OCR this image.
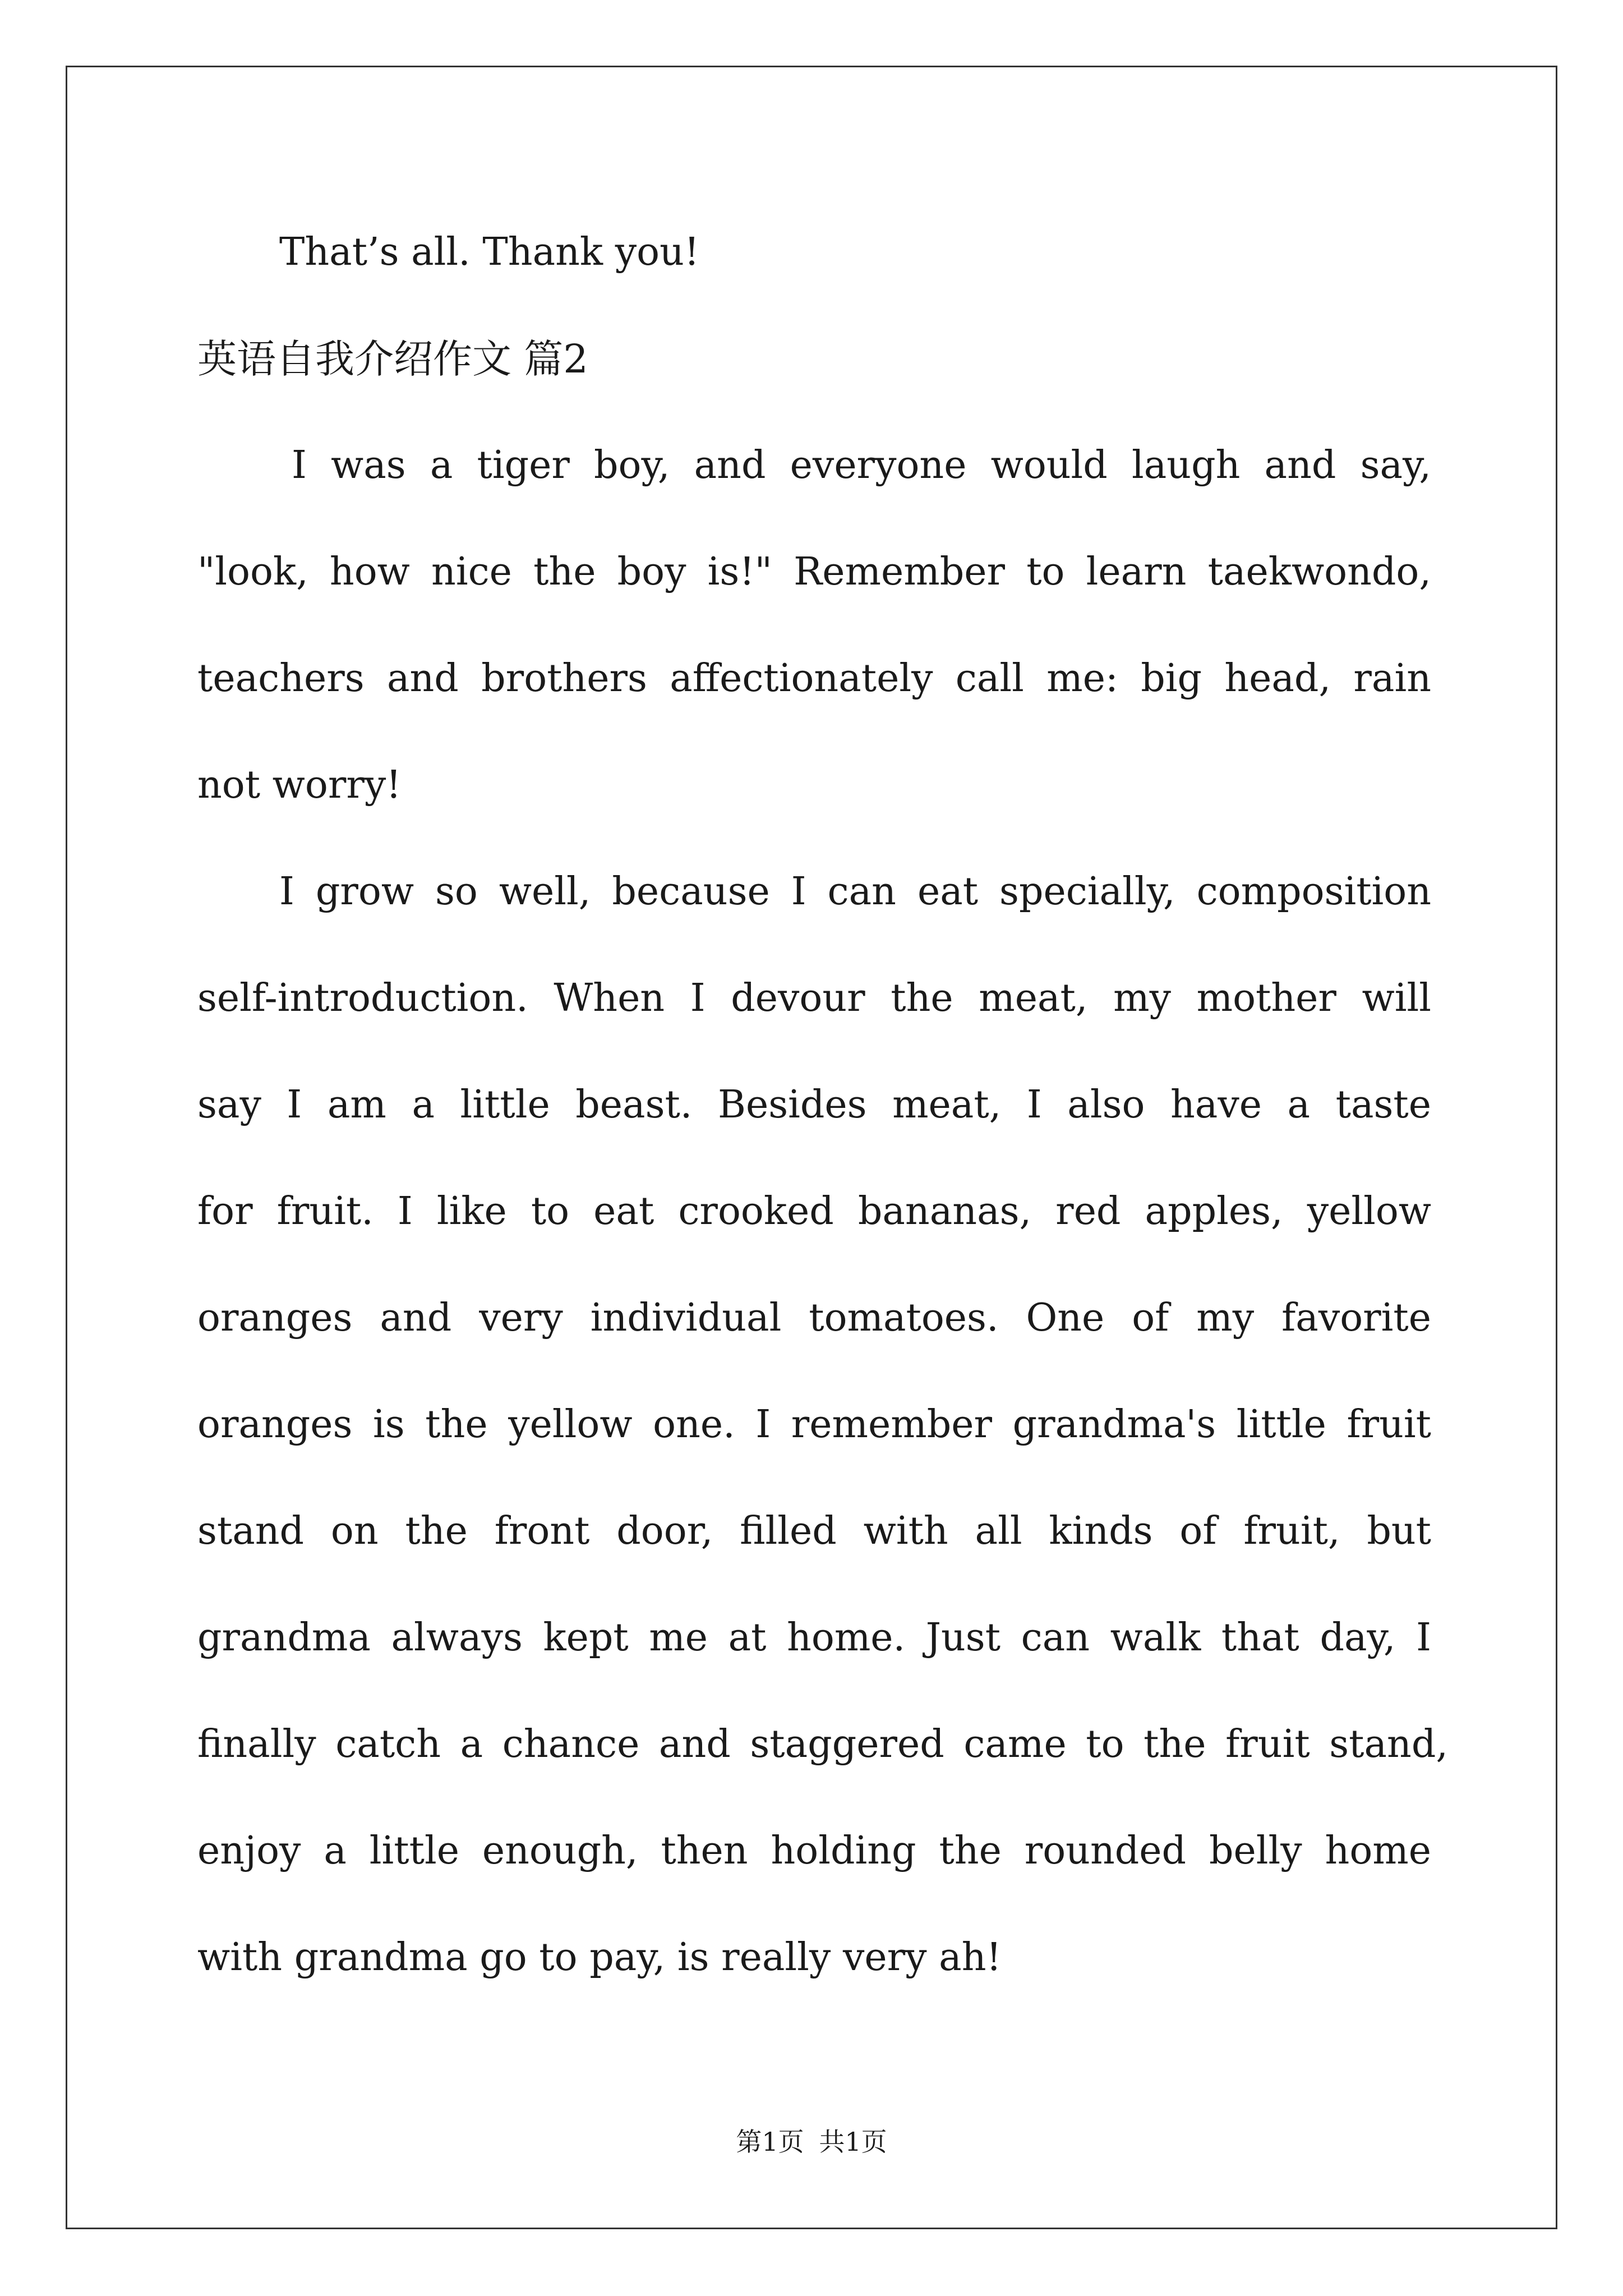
That’s all. Thank you!
英语自我介绍作文 篇2
I was a tiger boy, and everyone would laugh and say,
"look, how nice the boy is!" Remember to learn taekwondo,
teachers and brothers affectionately call me: big head, rain
not worry!
I grow so well, because I can eat specially, composition
self-introduction. When I devour the meat, my mother will
say I am a little beast. Besides meat, I also have a taste
for fruit. I like to eat crooked bananas, red apples, yellow
oranges and very individual tomatoes. One of my favorite
oranges is the yellow one. I remember grandma's little fruit
stand on the front door, filled with all kinds of fruit, but
grandma always kept me at home. Just can walk that day, I
finally catch a chance and staggered came to the fruit stand,
enjoy a little enough, then holding the rounded belly home
with grandma go to pay, is really very ah!
第1页 共1页
